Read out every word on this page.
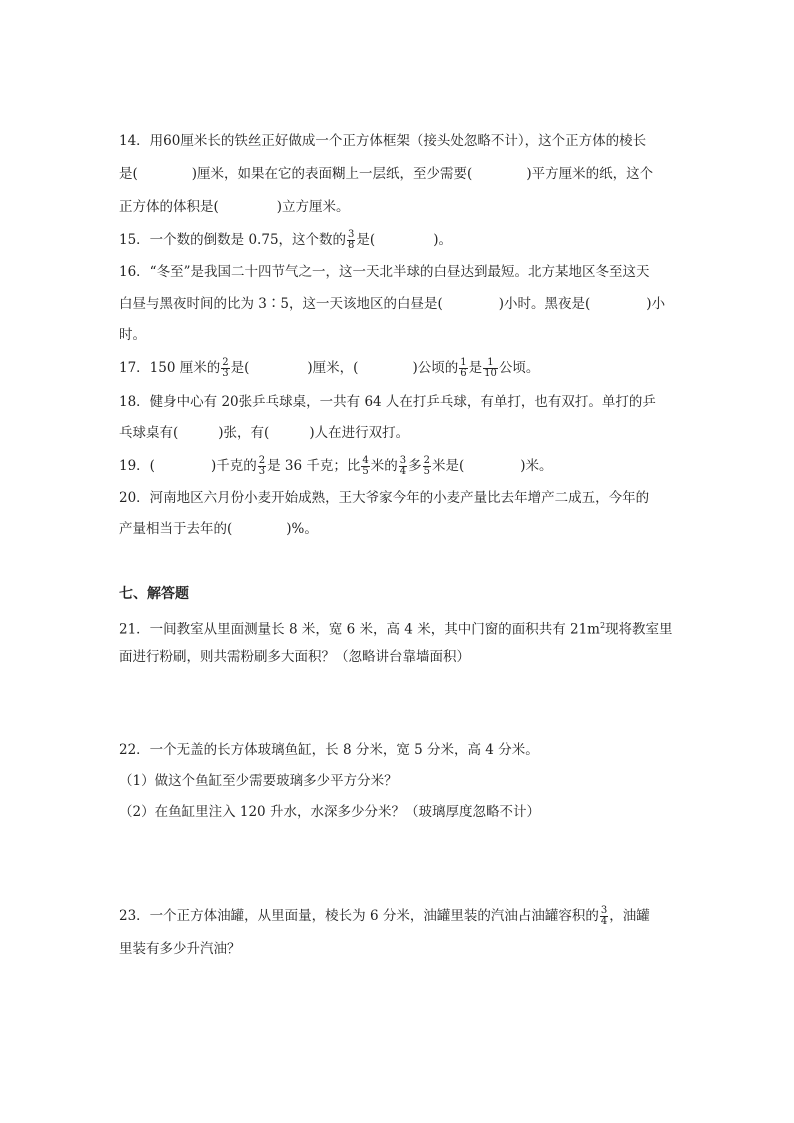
14．用60厘米长的铁丝正好做成一个正方体框架（接头处忽略不计），这个正方体的棱长
是(	)厘米，如果在它的表面糊上一层纸，至少需要(	)平方厘米的纸，这个
正方体的体积是(	)立方厘米。
15．一个数的倒数是 0.75，这个数的 $\frac{3}{8}$ 是(	)。
16．“冬至”是我国二十四节气之一，这一天北半球的白昼达到最短。北方某地区冬至这天
白昼与黑夜时间的比为 3∶5，这一天该地区的白昼是(	)小时。黑夜是(	)小
时。
17．150 厘米的 $\frac{2}{3}$ 是(	)厘米，(	)公顷的 $\frac{1}{6}$ 是 $\frac{1}{10}$ 公顷。
18．健身中心有 20张乒乓球桌，一共有 64 人在打乒乓球，有单打，也有双打。单打的乒
乓球桌有(	)张，有(	)人在进行双打。
19．(	)千克的 $\frac{2}{3}$ 是 36 千克；比 $\frac{4}{5}$ 米的 $\frac{3}{4}$ 多 $\frac{2}{5}$ 米是(	)米。
20．河南地区六月份小麦开始成熟，王大爷家今年的小麦产量比去年增产二成五，今年的
产量相当于去年的(	)%。
七、解答题
21．一间教室从里面测量长 8 米，宽 6 米，高 4 米，其中门窗的面积共有 $21m^2$现将教室里
面进行粉刷，则共需粉刷多大面积？（忽略讲台靠墙面积）
22．一个无盖的长方体玻璃鱼缸，长 8 分米，宽 5 分米，高 4 分米。
（1）做这个鱼缸至少需要玻璃多少平方分米？
（2）在鱼缸里注入 120 升水，水深多少分米？（玻璃厚度忽略不计）
23．一个正方体油罐，从里面量，棱长为 6 分米，油罐里装的汽油占油罐容积的 $\frac{3}{4}$ ，油罐
里装有多少升汽油？
